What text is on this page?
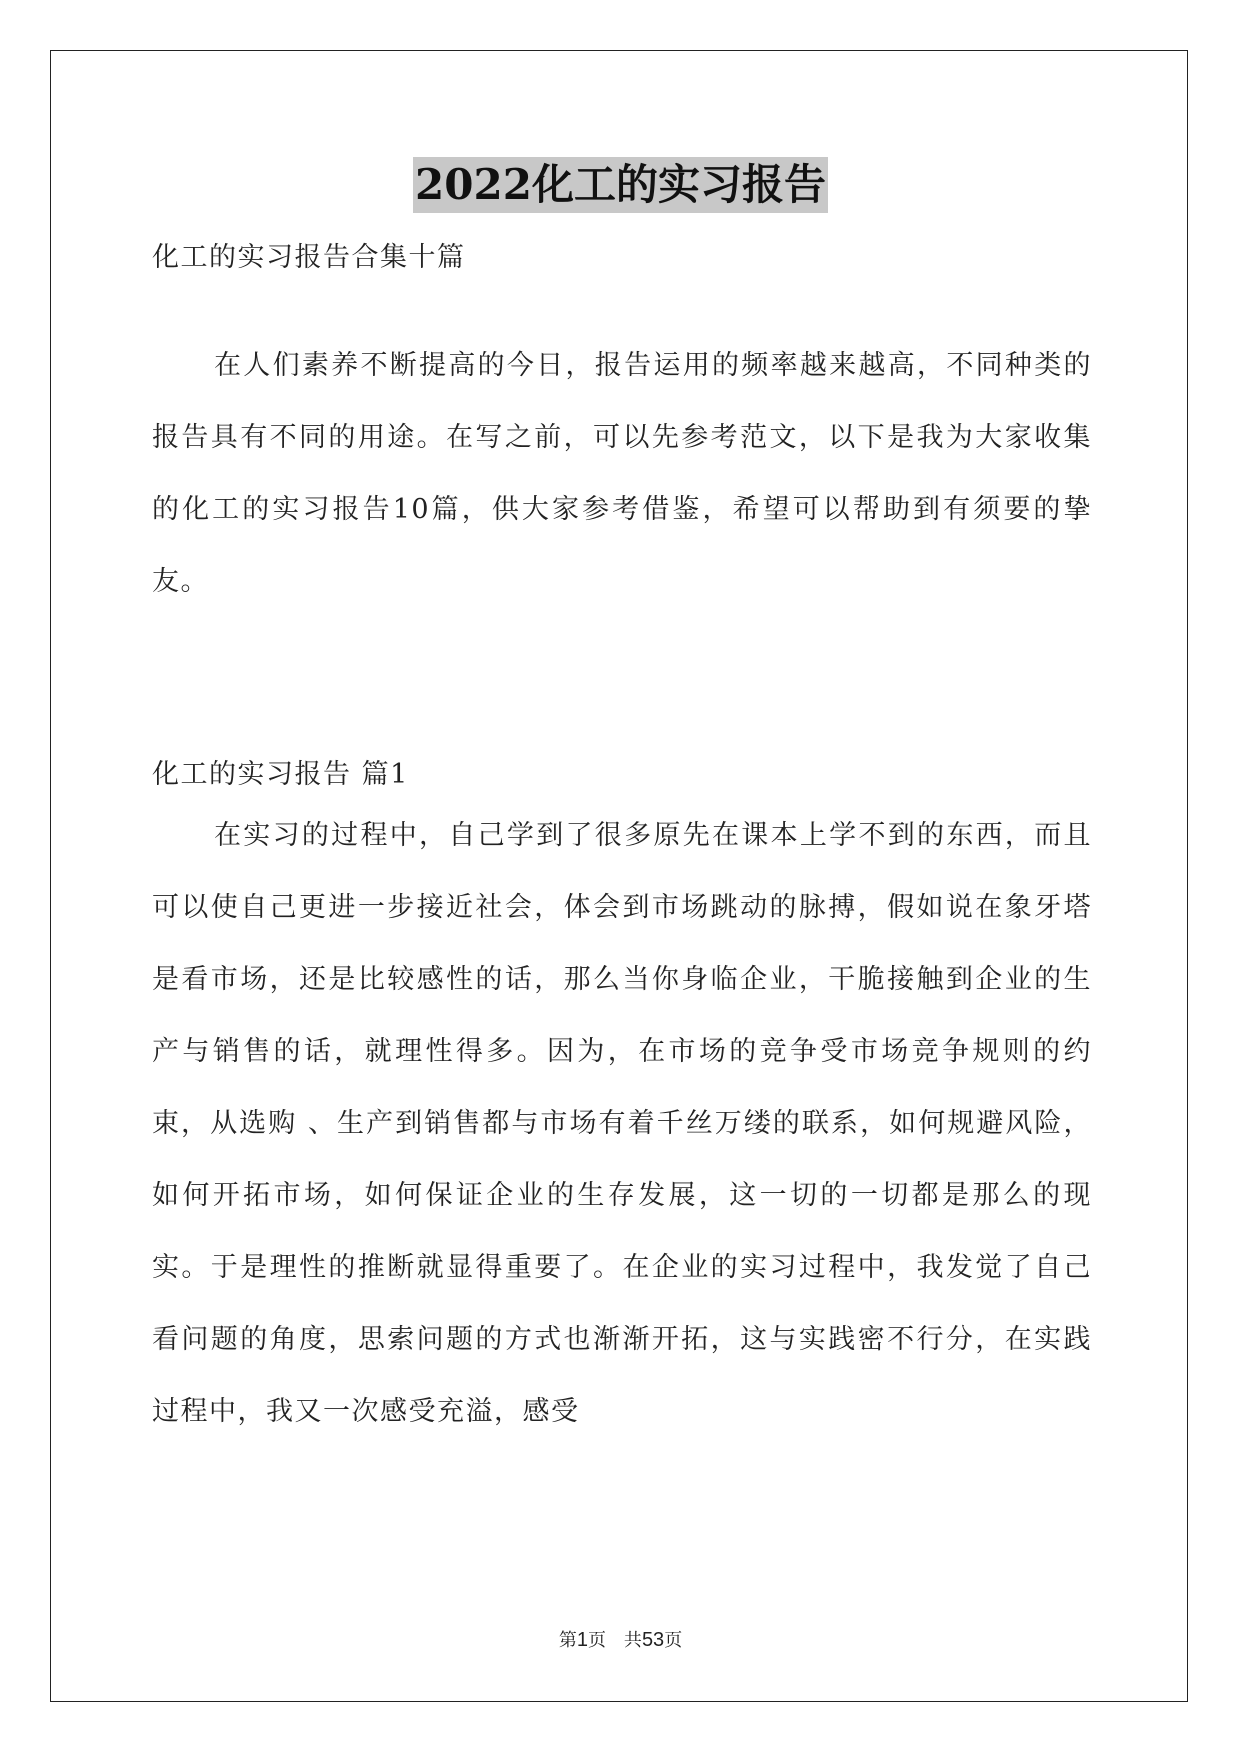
2022化工的实习报告
化工的实习报告合集十篇
在人们素养不断提高的今日，报告运用的频率越来越高，不同种类的报告具有不同的用途。在写之前，可以先参考范文，以下是我为大家收集的化工的实习报告10篇，供大家参考借鉴，希望可以帮助到有须要的挚友。
化工的实习报告 篇1
在实习的过程中，自己学到了很多原先在课本上学不到的东西，而且可以使自己更进一步接近社会，体会到市场跳动的脉搏，假如说在象牙塔是看市场，还是比较感性的话，那么当你身临企业，干脆接触到企业的生产与销售的话，就理性得多。因为，在市场的竞争受市场竞争规则的约束，从选购 、生产到销售都与市场有着千丝万缕的联系，如何规避风险，如何开拓市场，如何保证企业的生存发展，这一切的一切都是那么的现实。于是理性的推断就显得重要了。在企业的实习过程中，我发觉了自己看问题的角度，思索问题的方式也渐渐开拓，这与实践密不行分，在实践过程中，我又一次感受充溢，感受
第1页　共53页
